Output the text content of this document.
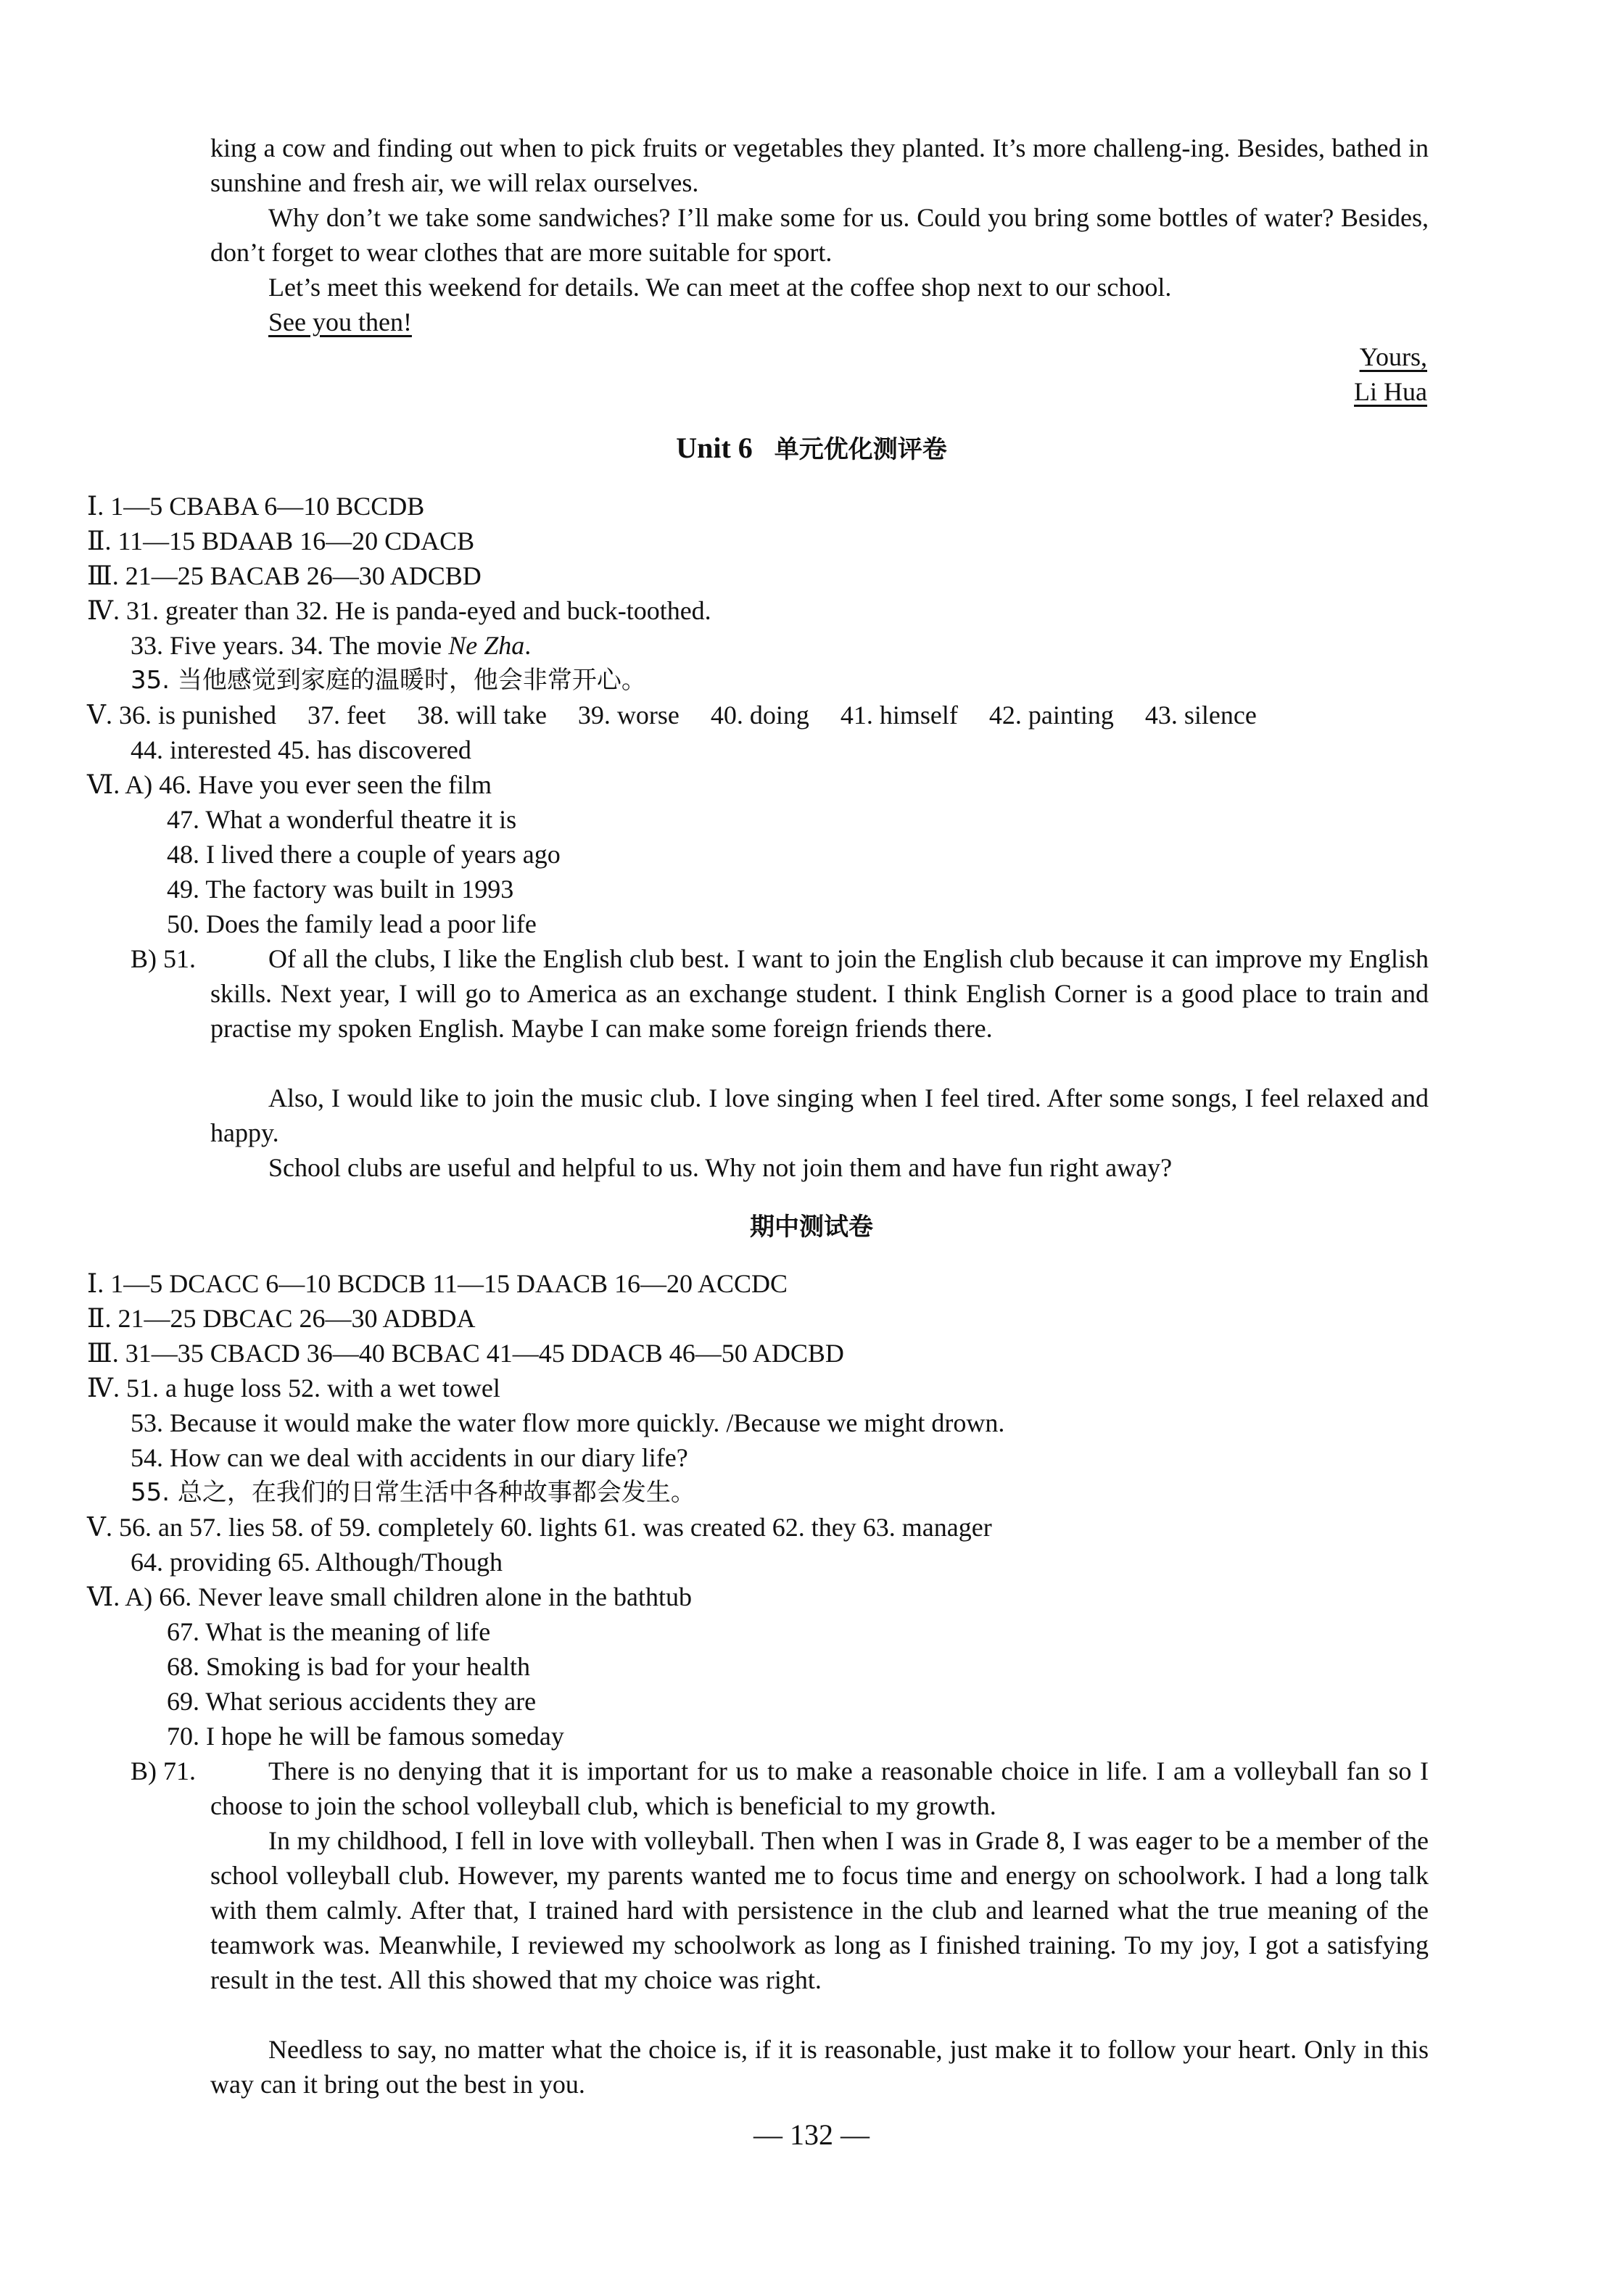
king a cow and finding out when to pick fruits or vegetables they planted. It’s more challeng-ing. Besides, bathed in sunshine and fresh air, we will relax ourselves.
Why don’t we take some sandwiches? I’ll make some for us. Could you bring some bottles of water? Besides, don’t forget to wear clothes that are more suitable for sport.
Let’s meet this weekend for details. We can meet at the coffee shop next to our school.
See you then!
Yours,
Li Hua
Unit 6 单元优化测评卷
Ⅰ. 1—5 CBABA 6—10 BCCDB
Ⅱ. 11—15 BDAAB 16—20 CDACB
Ⅲ. 21—25 BACAB 26—30 ADCBD
Ⅳ. 31. greater than 32. He is panda-eyed and buck-toothed.
33. Five years. 34. The movie Ne Zha.
35. 当他感觉到家庭的温暖时，他会非常开心。
Ⅴ. 36. is punished 37. feet 38. will take 39. worse 40. doing 41. himself 42. painting 43. silence
44. interested 45. has discovered
Ⅵ. A) 46. Have you ever seen the film
47. What a wonderful theatre it is
48. I lived there a couple of years ago
49. The factory was built in 1993
50. Does the family lead a poor life
B) 51.	Of all the clubs, I like the English club best. I want to join the English club because it can improve my English skills. Next year, I will go to America as an exchange student. I think English Corner is a good place to train and practise my spoken English. Maybe I can make some foreign friends there.
Also, I would like to join the music club. I love singing when I feel tired. After some songs, I feel relaxed and happy.
School clubs are useful and helpful to us. Why not join them and have fun right away?
期中测试卷
Ⅰ. 1—5 DCACC 6—10 BCDCB 11—15 DAACB 16—20 ACCDC
Ⅱ. 21—25 DBCAC 26—30 ADBDA
Ⅲ. 31—35 CBACD 36—40 BCBAC 41—45 DDACB 46—50 ADCBD
Ⅳ. 51. a huge loss 52. with a wet towel
53. Because it would make the water flow more quickly. /Because we might drown.
54. How can we deal with accidents in our diary life?
55. 总之，在我们的日常生活中各种故事都会发生。
Ⅴ. 56. an 57. lies 58. of 59. completely 60. lights 61. was created 62. they 63. manager
64. providing 65. Although/Though
Ⅵ. A) 66. Never leave small children alone in the bathtub
67. What is the meaning of life
68. Smoking is bad for your health
69. What serious accidents they are
70. I hope he will be famous someday
B) 71.	There is no denying that it is important for us to make a reasonable choice in life. I am a volleyball fan so I choose to join the school volleyball club, which is beneficial to my growth.
In my childhood, I fell in love with volleyball. Then when I was in Grade 8, I was eager to be a member of the school volleyball club. However, my parents wanted me to focus time and energy on schoolwork. I had a long talk with them calmly. After that, I trained hard with persistence in the club and learned what the true meaning of the teamwork was. Meanwhile, I reviewed my schoolwork as long as I finished training. To my joy, I got a satisfying result in the test. All this showed that my choice was right.
Needless to say, no matter what the choice is, if it is reasonable, just make it to follow your heart. Only in this way can it bring out the best in you.
— 132 —
